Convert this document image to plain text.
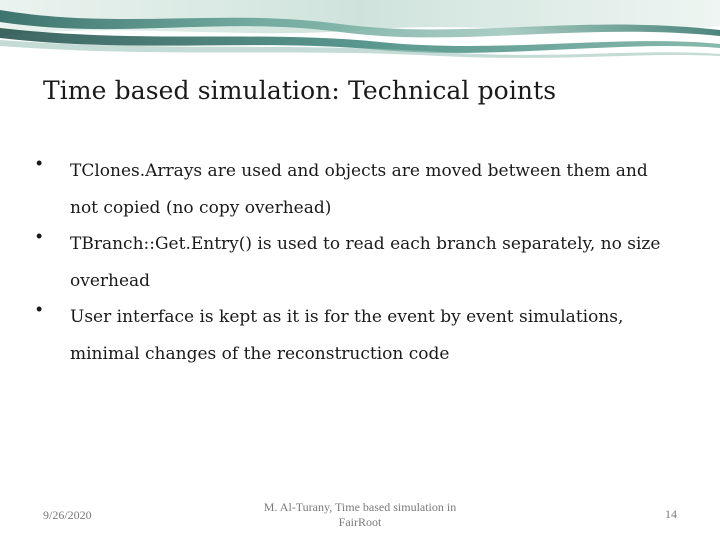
Time based simulation: Technical points
• TClones.Arrays are used and objects are moved between them and
not copied (no copy overhead)
• TBranch::Get.Entry() is used to read each branch separately, no size
overhead
• User interface is kept as it is for the event by event simulations,
minimal changes of the reconstruction code
9/26/2020
M. Al-Turany, Time based simulation in
FairRoot
14
